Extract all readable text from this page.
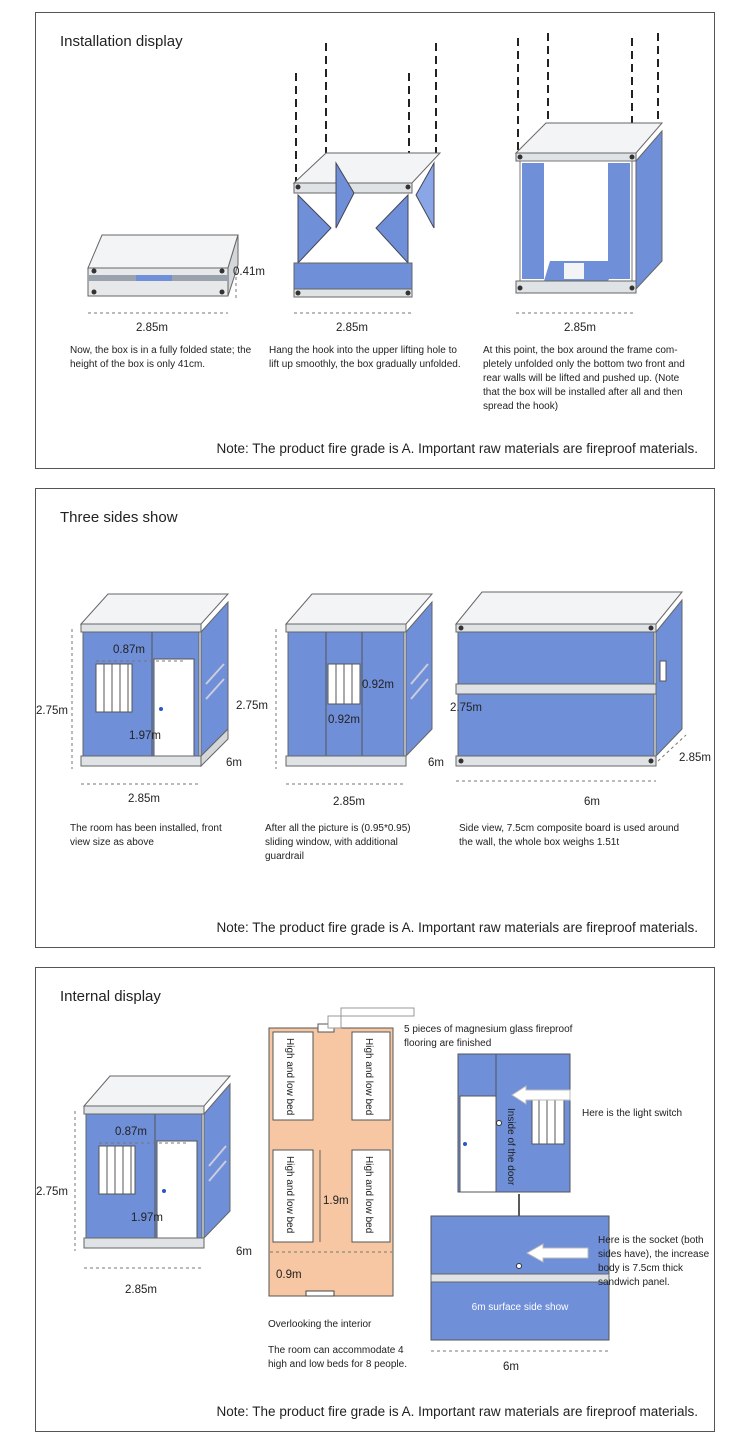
Installation display
0.41m
2.85m	2.85m	2.85m
Now, the box is in a fully folded state; the height of the box is only 41cm.
Hang the hook into the upper lifting hole to lift up smoothly, the box gradually unfolded.
At this point, the box around the frame com- pletely unfolded only the bottom two front and rear walls will be lifted and pushed up. (Note that the box will be installed after all and then spread the hook)
Note: The product fire grade is A. Important raw materials are fireproof materials.
Three sides show
2.75m
0.87m
1.97m
6m
2.85m
2.75m
0.92m
0.92m
6m
2.85m
2.75m
2.85m
6m
The room has been installed, front view size as above
After all the picture is (0.95*0.95) sliding window, with additional guardrail
Side view, 7.5cm composite board is used around the wall, the whole box weighs 1.51t
Note: The product fire grade is A. Important raw materials are fireproof materials.
Internal display
2.75m
0.87m
1.97m
6m
2.85m
High and low bed	High and low bed
High and low bed	High and low bed
1.9m
0.9m
Inside of the door
6m
5 pieces of magnesium glass fireproof flooring are finished
Here is the light switch
Here is the socket (both sides have), the increase body is 7.5cm thick sandwich panel.
6m surface side show
Overlooking the interior
The room can accommodate 4 high and low beds for 8 people.
Note: The product fire grade is A. Important raw materials are fireproof materials.
